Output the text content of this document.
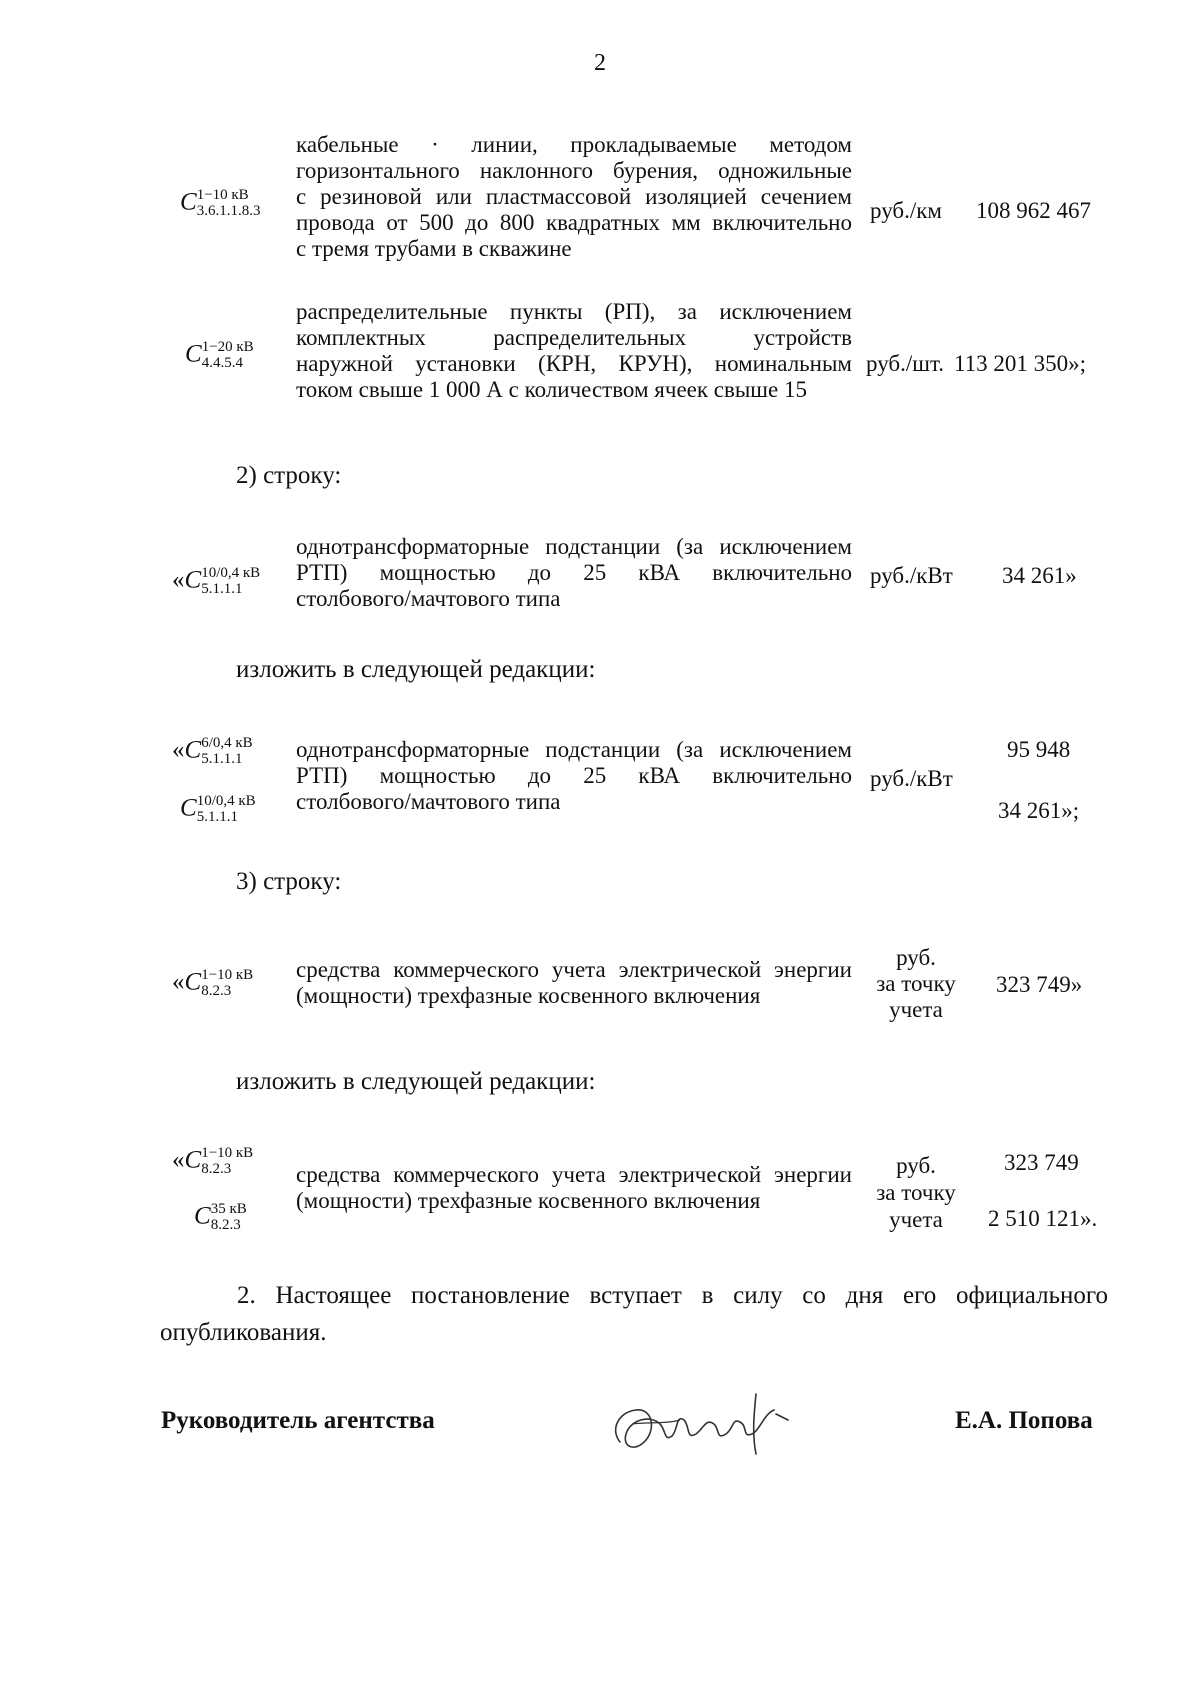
2
C 1−10 кВ
3.6.1.1.8.3
кабельные · линии, прокладываемые методом
горизонтального наклонного бурения, одножильные
с резиновой или пластмассовой изоляцией сечением
провода от 500 до 800 квадратных мм включительно
с тремя трубами в скважине
руб./км 108 962 467
C 1−20 кВ
4.4.5.4
распределительные пункты (РП), за исключением
комплектных распределительных устройств
наружной установки (КРН, КРУН), номинальным
током свыше 1 000 А с количеством ячеек свыше 15
руб./шт. 113 201 350»;
2) строку:
«C 10/0,4 кВ
5.1.1.1
однотрансформаторные подстанции (за исключением
РТП) мощностью до 25 кВА включительно
столбового/мачтового типа
руб./кВт 34 261»
изложить в следующей редакции:
«C 6/0,4 кВ
5.1.1.1
C 10/0,4 кВ
5.1.1.1
однотрансформаторные подстанции (за исключением
РТП) мощностью до 25 кВА включительно
столбового/мачтового типа
руб./кВт
95 948
34 261»;
3) строку:
«C 1−10 кВ
8.2.3
средства коммерческого учета электрической энергии
(мощности) трехфазные косвенного включения
руб.
за точку
учета
323 749»
изложить в следующей редакции:
«C 1−10 кВ
8.2.3
C 35 кВ
8.2.3
средства коммерческого учета электрической энергии
(мощности) трехфазные косвенного включения
руб.
за точку
учета
323 749
2 510 121».
2. Настоящее постановление вступает в силу со дня его официального опубликования.
Руководитель агентства	Е.А. Попова
